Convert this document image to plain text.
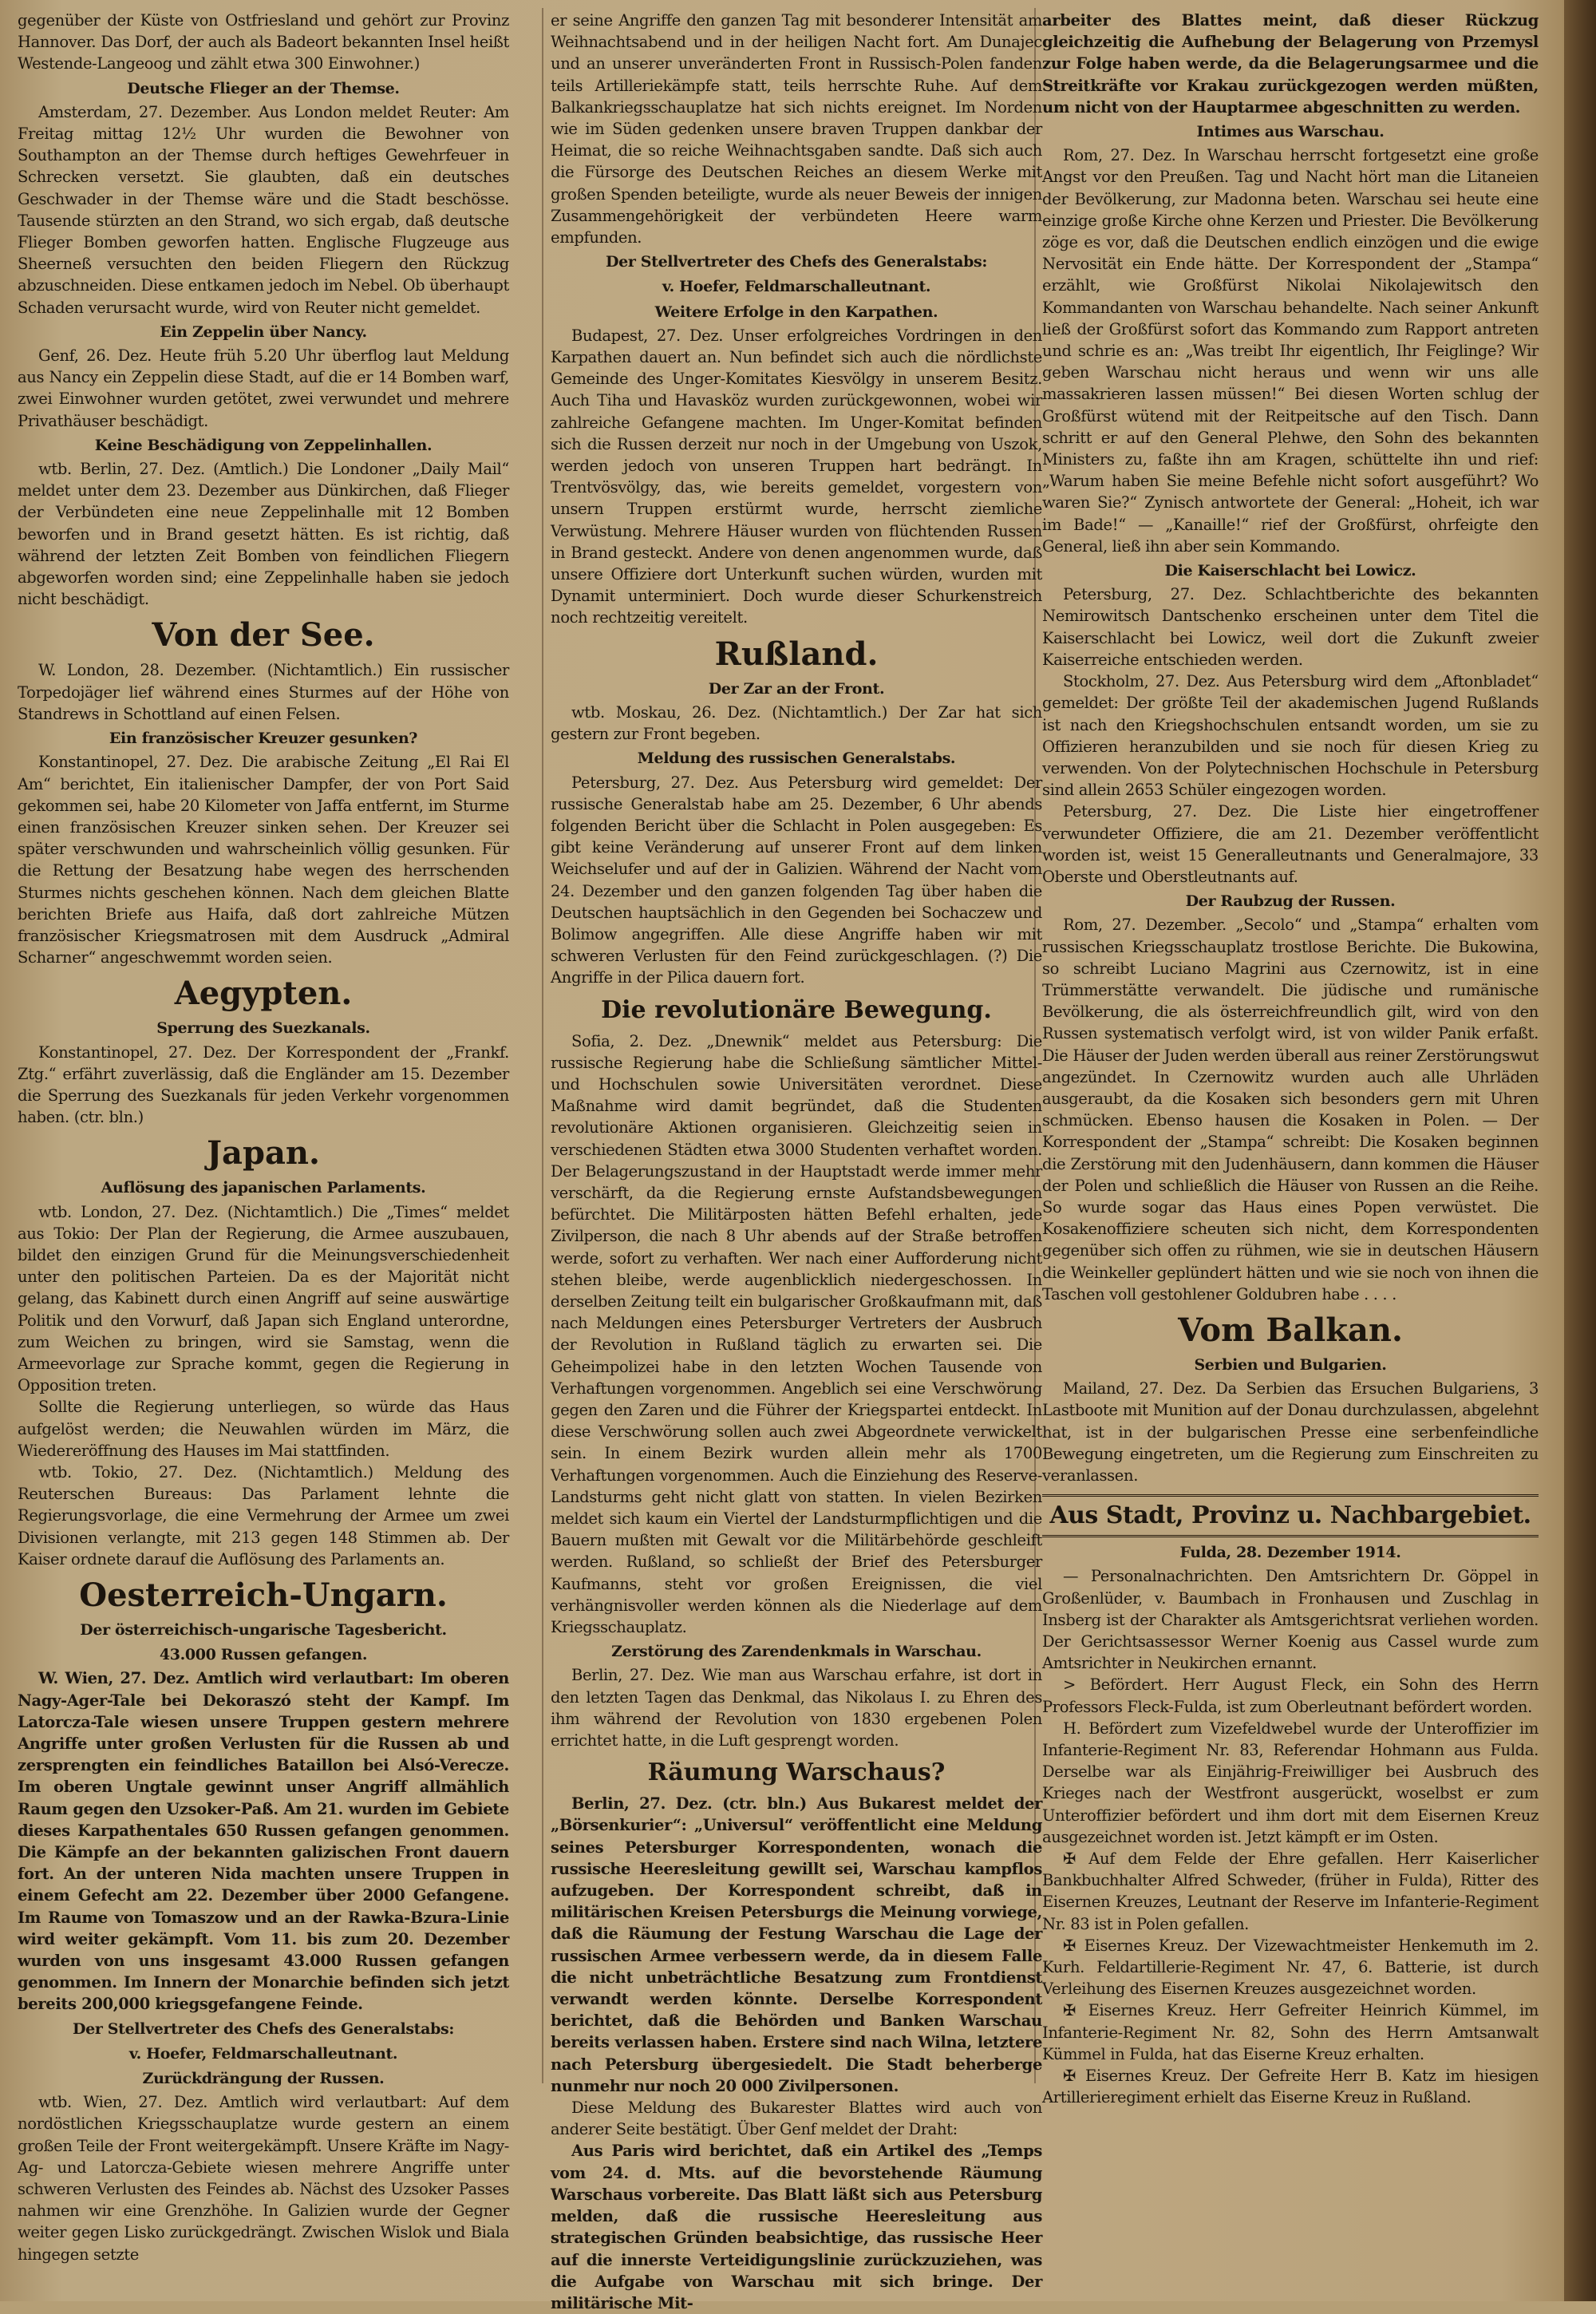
gegenüber der Küste von Ostfriesland und gehört zur Provinz Hannover. Das Dorf, der auch als Badeort bekannten Insel heißt Westende-Langeoog und zählt etwa 300 Einwohner.)

Deutsche Flieger an der Themse.

Amsterdam, 27. Dezember. Aus London meldet Reuter: Am Freitag mittag 12½ Uhr wurden die Bewohner von Southampton an der Themse durch heftiges Gewehrfeuer in Schrecken versetzt. Sie glaubten, daß ein deutsches Geschwader in der Themse wäre und die Stadt beschösse. Tausende stürzten an den Strand, wo sich ergab, daß deutsche Flieger Bomben geworfen hatten. Englische Flugzeuge aus Sheerneß versuchten den beiden Fliegern den Rückzug abzuschneiden. Diese entkamen jedoch im Nebel. Ob überhaupt Schaden verursacht wurde, wird von Reuter nicht gemeldet.

Ein Zeppelin über Nancy.

Genf, 26. Dez. Heute früh 5.20 Uhr überflog laut Meldung aus Nancy ein Zeppelin diese Stadt, auf die er 14 Bomben warf, zwei Einwohner wurden getötet, zwei verwundet und mehrere Privathäuser beschädigt.

Keine Beschädigung von Zeppelinhallen.

wtb. Berlin, 27. Dez. (Amtlich.) Die Londoner „Daily Mail“ meldet unter dem 23. Dezember aus Dünkirchen, daß Flieger der Verbündeten eine neue Zeppelinhalle mit 12 Bomben beworfen und in Brand gesetzt hätten. Es ist richtig, daß während der letzten Zeit Bomben von feindlichen Fliegern abgeworfen worden sind; eine Zeppelinhalle haben sie jedoch nicht beschädigt.

Von der See.

W. London, 28. Dezember. (Nichtamtlich.) Ein russischer Torpedojäger lief während eines Sturmes auf der Höhe von Standrews in Schottland auf einen Felsen.

Ein französischer Kreuzer gesunken?

Konstantinopel, 27. Dez. Die arabische Zeitung „El Rai El Am“ berichtet, Ein italienischer Dampfer, der von Port Said gekommen sei, habe 20 Kilometer von Jaffa entfernt, im Sturme einen französischen Kreuzer sinken sehen. Der Kreuzer sei später verschwunden und wahrscheinlich völlig gesunken. Für die Rettung der Besatzung habe wegen des herrschenden Sturmes nichts geschehen können. Nach dem gleichen Blatte berichten Briefe aus Haifa, daß dort zahlreiche Mützen französischer Kriegsmatrosen mit dem Ausdruck „Admiral Scharner“ angeschwemmt worden seien.

Aegypten.
Sperrung des Suezkanals.

Konstantinopel, 27. Dez. Der Korrespondent der „Frankf. Ztg.“ erfährt zuverlässig, daß die Engländer am 15. Dezember die Sperrung des Suezkanals für jeden Verkehr vorgenommen haben. (ctr. bln.)

Japan.
Auflösung des japanischen Parlaments.

wtb. London, 27. Dez. (Nichtamtlich.) Die „Times“ meldet aus Tokio: Der Plan der Regierung, die Armee auszubauen, bildet den einzigen Grund für die Meinungsverschiedenheit unter den politischen Parteien. Da es der Majorität nicht gelang, das Kabinett durch einen Angriff auf seine auswärtige Politik und den Vorwurf, daß Japan sich England unterordne, zum Weichen zu bringen, wird sie Samstag, wenn die Armeevorlage zur Sprache kommt, gegen die Regierung in Opposition treten.

Sollte die Regierung unterliegen, so würde das Haus aufgelöst werden; die Neuwahlen würden im März, die Wiedereröffnung des Hauses im Mai stattfinden.

wtb. Tokio, 27. Dez. (Nichtamtlich.) Meldung des Reuterschen Bureaus: Das Parlament lehnte die Regierungsvorlage, die eine Vermehrung der Armee um zwei Divisionen verlangte, mit 213 gegen 148 Stimmen ab. Der Kaiser ordnete darauf die Auflösung des Parlaments an.

Oesterreich-Ungarn.
Der österreichisch-ungarische Tagesbericht.
43.000 Russen gefangen.

W. Wien, 27. Dez. Amtlich wird verlautbart: Im oberen Nagy-Ager-Tale bei Dekoraszó steht der Kampf. Im Latorcza-Tale wiesen unsere Truppen gestern mehrere Angriffe unter großen Verlusten für die Russen ab und zersprengten ein feindliches Bataillon bei Alsó-Verecze. Im oberen Ungtale gewinnt unser Angriff allmählich Raum gegen den Uzsoker-Paß. Am 21. wurden im Gebiete dieses Karpathentales 650 Russen gefangen genommen. Die Kämpfe an der bekannten galizischen Front dauern fort. An der unteren Nida machten unsere Truppen in einem Gefecht am 22. Dezember über 2000 Gefangene. Im Raume von Tomaszow und an der Rawka-Bzura-Linie wird weiter gekämpft. Vom 11. bis zum 20. Dezember wurden von uns insgesamt 43.000 Russen gefangen genommen. Im Innern der Monarchie befinden sich jetzt bereits 200,000 kriegsgefangene Feinde.

Der Stellvertreter des Chefs des Generalstabs:
v. Hoefer, Feldmarschalleutnant.
Zurückdrängung der Russen.

wtb. Wien, 27. Dez. Amtlich wird verlautbart: Auf dem nordöstlichen Kriegsschauplatze wurde gestern an einem großen Teile der Front weitergekämpft. Unsere Kräfte im Nagy-Ag- und Latorcza-Gebiete wiesen mehrere Angriffe unter schweren Verlusten des Feindes ab. Nächst des Uzsoker Passes nahmen wir eine Grenzhöhe. In Galizien wurde der Gegner weiter gegen Lisko zurückgedrängt. Zwischen Wislok und Biala hingegen setzte

er seine Angriffe den ganzen Tag mit besonderer Intensität am Weihnachtsabend und in der heiligen Nacht fort. Am Dunajec und an unserer unveränderten Front in Russisch-Polen fanden teils Artilleriekämpfe statt, teils herrschte Ruhe. Auf dem Balkankriegsschauplatze hat sich nichts ereignet. Im Norden wie im Süden gedenken unsere braven Truppen dankbar der Heimat, die so reiche Weihnachtsgaben sandte. Daß sich auch die Fürsorge des Deutschen Reiches an diesem Werke mit großen Spenden beteiligte, wurde als neuer Beweis der innigen Zusammengehörigkeit der verbündeten Heere warm empfunden.

Der Stellvertreter des Chefs des Generalstabs:
v. Hoefer, Feldmarschalleutnant.
Weitere Erfolge in den Karpathen.

Budapest, 27. Dez. Unser erfolgreiches Vordringen in den Karpathen dauert an. Nun befindet sich auch die nördlichste Gemeinde des Unger-Komitates Kiesvölgy in unserem Besitz. Auch Tiha und Havasköz wurden zurückgewonnen, wobei wir zahlreiche Gefangene machten. Im Unger-Komitat befinden sich die Russen derzeit nur noch in der Umgebung von Uszok, werden jedoch von unseren Truppen hart bedrängt. In Trentvösvölgy, das, wie bereits gemeldet, vorgestern von unsern Truppen erstürmt wurde, herrscht ziemliche Verwüstung. Mehrere Häuser wurden von flüchtenden Russen in Brand gesteckt. Andere von denen angenommen wurde, daß unsere Offiziere dort Unterkunft suchen würden, wurden mit Dynamit unterminiert. Doch wurde dieser Schurkenstreich noch rechtzeitig vereitelt.

Rußland.
Der Zar an der Front.

wtb. Moskau, 26. Dez. (Nichtamtlich.) Der Zar hat sich gestern zur Front begeben.

Meldung des russischen Generalstabs.

Petersburg, 27. Dez. Aus Petersburg wird gemeldet: Der russische Generalstab habe am 25. Dezember, 6 Uhr abends folgenden Bericht über die Schlacht in Polen ausgegeben: Es gibt keine Veränderung auf unserer Front auf dem linken Weichselufer und auf der in Galizien. Während der Nacht vom 24. Dezember und den ganzen folgenden Tag über haben die Deutschen hauptsächlich in den Gegenden bei Sochaczew und Bolimow angegriffen. Alle diese Angriffe haben wir mit schweren Verlusten für den Feind zurückgeschlagen. (?) Die Angriffe in der Pilica dauern fort.

Die revolutionäre Bewegung.

Sofia, 2. Dez. „Dnewnik“ meldet aus Petersburg: Die russische Regierung habe die Schließung sämtlicher Mittel- und Hochschulen sowie Universitäten verordnet. Diese Maßnahme wird damit begründet, daß die Studenten revolutionäre Aktionen organisieren. Gleichzeitig seien in verschiedenen Städten etwa 3000 Studenten verhaftet worden. Der Belagerungszustand in der Hauptstadt werde immer mehr verschärft, da die Regierung ernste Aufstandsbewegungen befürchtet. Die Militärposten hätten Befehl erhalten, jede Zivilperson, die nach 8 Uhr abends auf der Straße betroffen werde, sofort zu verhaften. Wer nach einer Aufforderung nicht stehen bleibe, werde augenblicklich niedergeschossen. In derselben Zeitung teilt ein bulgarischer Großkaufmann mit, daß nach Meldungen eines Petersburger Vertreters der Ausbruch der Revolution in Rußland täglich zu erwarten sei. Die Geheimpolizei habe in den letzten Wochen Tausende von Verhaftungen vorgenommen. Angeblich sei eine Verschwörung gegen den Zaren und die Führer der Kriegspartei entdeckt. In diese Verschwörung sollen auch zwei Abgeordnete verwickelt sein. In einem Bezirk wurden allein mehr als 1700 Verhaftungen vorgenommen. Auch die Einziehung des Reserve-Landsturms geht nicht glatt von statten. In vielen Bezirken meldet sich kaum ein Viertel der Landsturmpflichtigen und die Bauern mußten mit Gewalt vor die Militärbehörde geschleift werden. Rußland, so schließt der Brief des Petersburger Kaufmanns, steht vor großen Ereignissen, die viel verhängnisvoller werden können als die Niederlage auf dem Kriegsschauplatz.

Zerstörung des Zarendenkmals in Warschau.

Berlin, 27. Dez. Wie man aus Warschau erfahre, ist dort in den letzten Tagen das Denkmal, das Nikolaus I. zu Ehren des ihm während der Revolution von 1830 ergebenen Polen errichtet hatte, in die Luft gesprengt worden.

Räumung Warschaus?

Berlin, 27. Dez. (ctr. bln.) Aus Bukarest meldet der „Börsenkurier“: „Universul“ veröffentlicht eine Meldung seines Petersburger Korrespondenten, wonach die russische Heeresleitung gewillt sei, Warschau kampflos aufzugeben. Der Korrespondent schreibt, daß in militärischen Kreisen Petersburgs die Meinung vorwiege, daß die Räumung der Festung Warschau die Lage der russischen Armee verbessern werde, da in diesem Falle die nicht unbeträchtliche Besatzung zum Frontdienst verwandt werden könnte. Derselbe Korrespondent berichtet, daß die Behörden und Banken Warschau bereits verlassen haben. Erstere sind nach Wilna, letztere nach Petersburg übergesiedelt. Die Stadt beherberge nunmehr nur noch 20 000 Zivilpersonen.

Diese Meldung des Bukarester Blattes wird auch von anderer Seite bestätigt. Über Genf meldet der Draht:

Aus Paris wird berichtet, daß ein Artikel des „Temps vom 24. d. Mts. auf die bevorstehende Räumung Warschaus vorbereite. Das Blatt läßt sich aus Petersburg melden, daß die russische Heeresleitung aus strategischen Gründen beabsichtige, das russische Heer auf die innerste Verteidigungslinie zurückzuziehen, was die Aufgabe von Warschau mit sich bringe. Der militärische Mit-

arbeiter des Blattes meint, daß dieser Rückzug gleichzeitig die Aufhebung der Belagerung von Przemysl zur Folge haben werde, da die Belagerungsarmee und die Streitkräfte vor Krakau zurückgezogen werden müßten, um nicht von der Hauptarmee abgeschnitten zu werden.

Intimes aus Warschau.

Rom, 27. Dez. In Warschau herrscht fortgesetzt eine große Angst vor den Preußen. Tag und Nacht hört man die Litaneien der Bevölkerung, zur Madonna beten. Warschau sei heute eine einzige große Kirche ohne Kerzen und Priester. Die Bevölkerung zöge es vor, daß die Deutschen endlich einzögen und die ewige Nervosität ein Ende hätte. Der Korrespondent der „Stampa“ erzählt, wie Großfürst Nikolai Nikolajewitsch den Kommandanten von Warschau behandelte. Nach seiner Ankunft ließ der Großfürst sofort das Kommando zum Rapport antreten und schrie es an: „Was treibt Ihr eigentlich, Ihr Feiglinge? Wir geben Warschau nicht heraus und wenn wir uns alle massakrieren lassen müssen!“ Bei diesen Worten schlug der Großfürst wütend mit der Reitpeitsche auf den Tisch. Dann schritt er auf den General Plehwe, den Sohn des bekannten Ministers zu, faßte ihn am Kragen, schüttelte ihn und rief: „Warum haben Sie meine Befehle nicht sofort ausgeführt? Wo waren Sie?“ Zynisch antwortete der General: „Hoheit, ich war im Bade!“ — „Kanaille!“ rief der Großfürst, ohrfeigte den General, ließ ihn aber sein Kommando.

Die Kaiserschlacht bei Lowicz.

Petersburg, 27. Dez. Schlachtberichte des bekannten Nemirowitsch Dantschenko erscheinen unter dem Titel die Kaiserschlacht bei Lowicz, weil dort die Zukunft zweier Kaiserreiche entschieden werden.

Stockholm, 27. Dez. Aus Petersburg wird dem „Aftonbladet“ gemeldet: Der größte Teil der akademischen Jugend Rußlands ist nach den Kriegshochschulen entsandt worden, um sie zu Offizieren heranzubilden und sie noch für diesen Krieg zu verwenden. Von der Polytechnischen Hochschule in Petersburg sind allein 2653 Schüler eingezogen worden.

Petersburg, 27. Dez. Die Liste hier eingetroffener verwundeter Offiziere, die am 21. Dezember veröffentlicht worden ist, weist 15 Generalleutnants und Generalmajore, 33 Oberste und Oberstleutnants auf.

Der Raubzug der Russen.

Rom, 27. Dezember. „Secolo“ und „Stampa“ erhalten vom russischen Kriegsschauplatz trostlose Berichte. Die Bukowina, so schreibt Luciano Magrini aus Czernowitz, ist in eine Trümmerstätte verwandelt. Die jüdische und rumänische Bevölkerung, die als österreichfreundlich gilt, wird von den Russen systematisch verfolgt wird, ist von wilder Panik erfaßt. Die Häuser der Juden werden überall aus reiner Zerstörungswut angezündet. In Czernowitz wurden auch alle Uhrläden ausgeraubt, da die Kosaken sich besonders gern mit Uhren schmücken. Ebenso hausen die Kosaken in Polen. — Der Korrespondent der „Stampa“ schreibt: Die Kosaken beginnen die Zerstörung mit den Judenhäusern, dann kommen die Häuser der Polen und schließlich die Häuser von Russen an die Reihe. So wurde sogar das Haus eines Popen verwüstet. Die Kosakenoffiziere scheuten sich nicht, dem Korrespondenten gegenüber sich offen zu rühmen, wie sie in deutschen Häusern die Weinkeller geplündert hätten und wie sie noch von ihnen die Taschen voll gestohlener Goldubren habe . . . .

Vom Balkan.
Serbien und Bulgarien.

Mailand, 27. Dez. Da Serbien das Ersuchen Bulgariens, 3 Lastboote mit Munition auf der Donau durchzulassen, abgelehnt hat, ist in der bulgarischen Presse eine serbenfeindliche Bewegung eingetreten, um die Regierung zum Einschreiten zu veranlassen.

Aus Stadt, Provinz u. Nachbargebiet.
Fulda, 28. Dezember 1914.

— Personalnachrichten. Den Amtsrichtern Dr. Göppel in Großenlüder, v. Baumbach in Fronhausen und Zuschlag in Insberg ist der Charakter als Amtsgerichtsrat verliehen worden. Der Gerichtsassessor Werner Koenig aus Cassel wurde zum Amtsrichter in Neukirchen ernannt.

> Befördert. Herr August Fleck, ein Sohn des Herrn Professors Fleck-Fulda, ist zum Oberleutnant befördert worden.

H. Befördert zum Vizefeldwebel wurde der Unteroffizier im Infanterie-Regiment Nr. 83, Referendar Hohmann aus Fulda. Derselbe war als Einjährig-Freiwilliger bei Ausbruch des Krieges nach der Westfront ausgerückt, woselbst er zum Unteroffizier befördert und ihm dort mit dem Eisernen Kreuz ausgezeichnet worden ist. Jetzt kämpft er im Osten.

✠ Auf dem Felde der Ehre gefallen. Herr Kaiserlicher Bankbuchhalter Alfred Schweder, (früher in Fulda), Ritter des Eisernen Kreuzes, Leutnant der Reserve im Infanterie-Regiment Nr. 83 ist in Polen gefallen.

✠ Eisernes Kreuz. Der Vizewachtmeister Henkemuth im 2. Kurh. Feldartillerie-Regiment Nr. 47, 6. Batterie, ist durch Verleihung des Eisernen Kreuzes ausgezeichnet worden.

✠ Eisernes Kreuz. Herr Gefreiter Heinrich Kümmel, im Infanterie-Regiment Nr. 82, Sohn des Herrn Amtsanwalt Kümmel in Fulda, hat das Eiserne Kreuz erhalten.

✠ Eisernes Kreuz. Der Gefreite Herr B. Katz im hiesigen Artillerieregiment erhielt das Eiserne Kreuz in Rußland.
